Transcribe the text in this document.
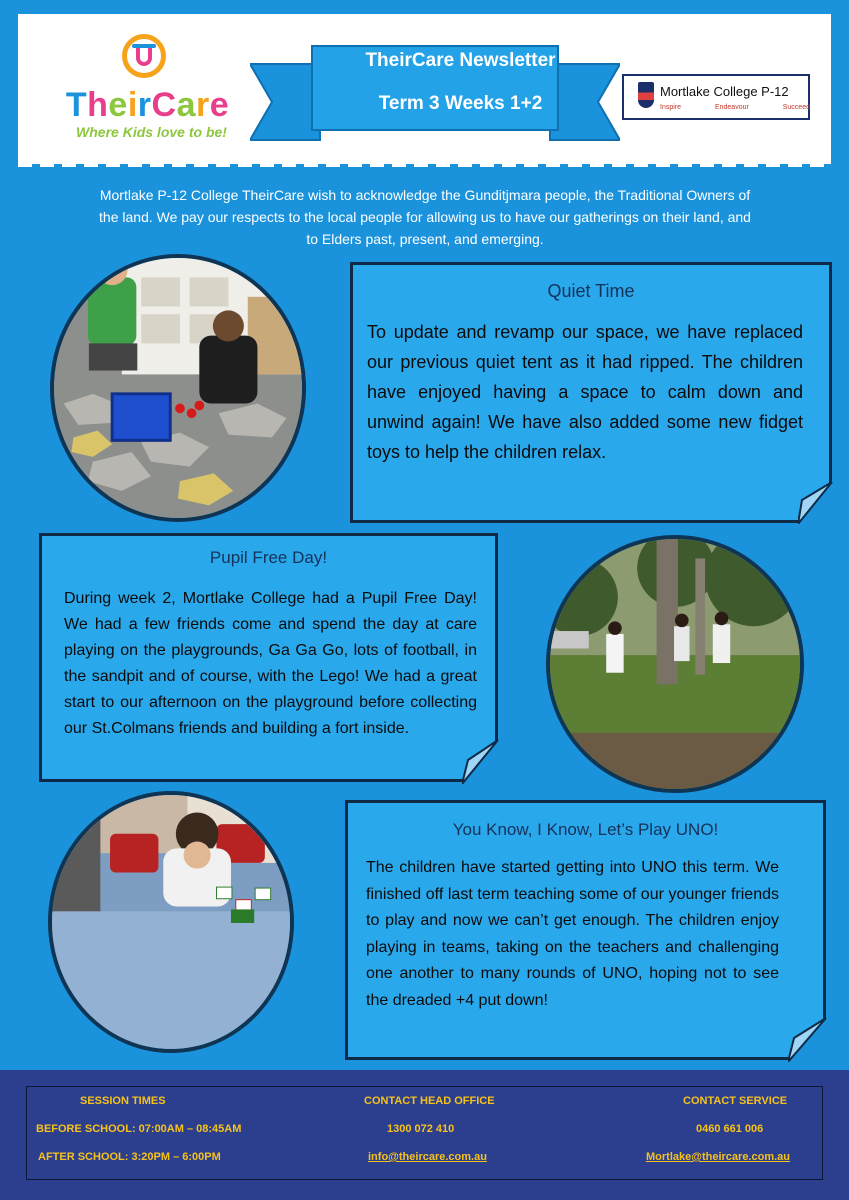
TheirCare
Where Kids love to be!
TheirCare Newsletter
Term 3 Weeks 1+2
Mortlake College P-12
Inspire	Endeavour	Succeed
Mortlake P-12 College TheirCare wish to acknowledge the Gunditjmara people, the Traditional Owners of
the land. We pay our respects to the local people for allowing us to have our gatherings on their land, and
to Elders past, present, and emerging.
Quiet Time
To update and revamp our space, we have replaced our previous quiet tent as it had ripped. The children have enjoyed having a space to calm down and unwind again! We have also added some new fidget toys to help the children relax.
Pupil Free Day!
During week 2, Mortlake College had a Pupil Free Day! We had a few friends come and spend the day at care playing on the playgrounds, Ga Ga Go, lots of football, in the sandpit and of course, with the Lego! We had a great start to our afternoon on the playground before collecting our St.Colmans friends and building a fort inside.
You Know, I Know, Let’s Play UNO!
The children have started getting into UNO this term. We finished off last term teaching some of our younger friends to play and now we can’t get enough. The children enjoy playing in teams, taking on the teachers and challenging one another to many rounds of UNO, hoping not to see the dreaded +4 put down!
SESSION TIMES
BEFORE SCHOOL: 07:00AM – 08:45AM
AFTER SCHOOL: 3:20PM – 6:00PM
CONTACT HEAD OFFICE
1300 072 410
info@theircare.com.au
CONTACT SERVICE
0460 661 006
Mortlake@theircare.com.au
